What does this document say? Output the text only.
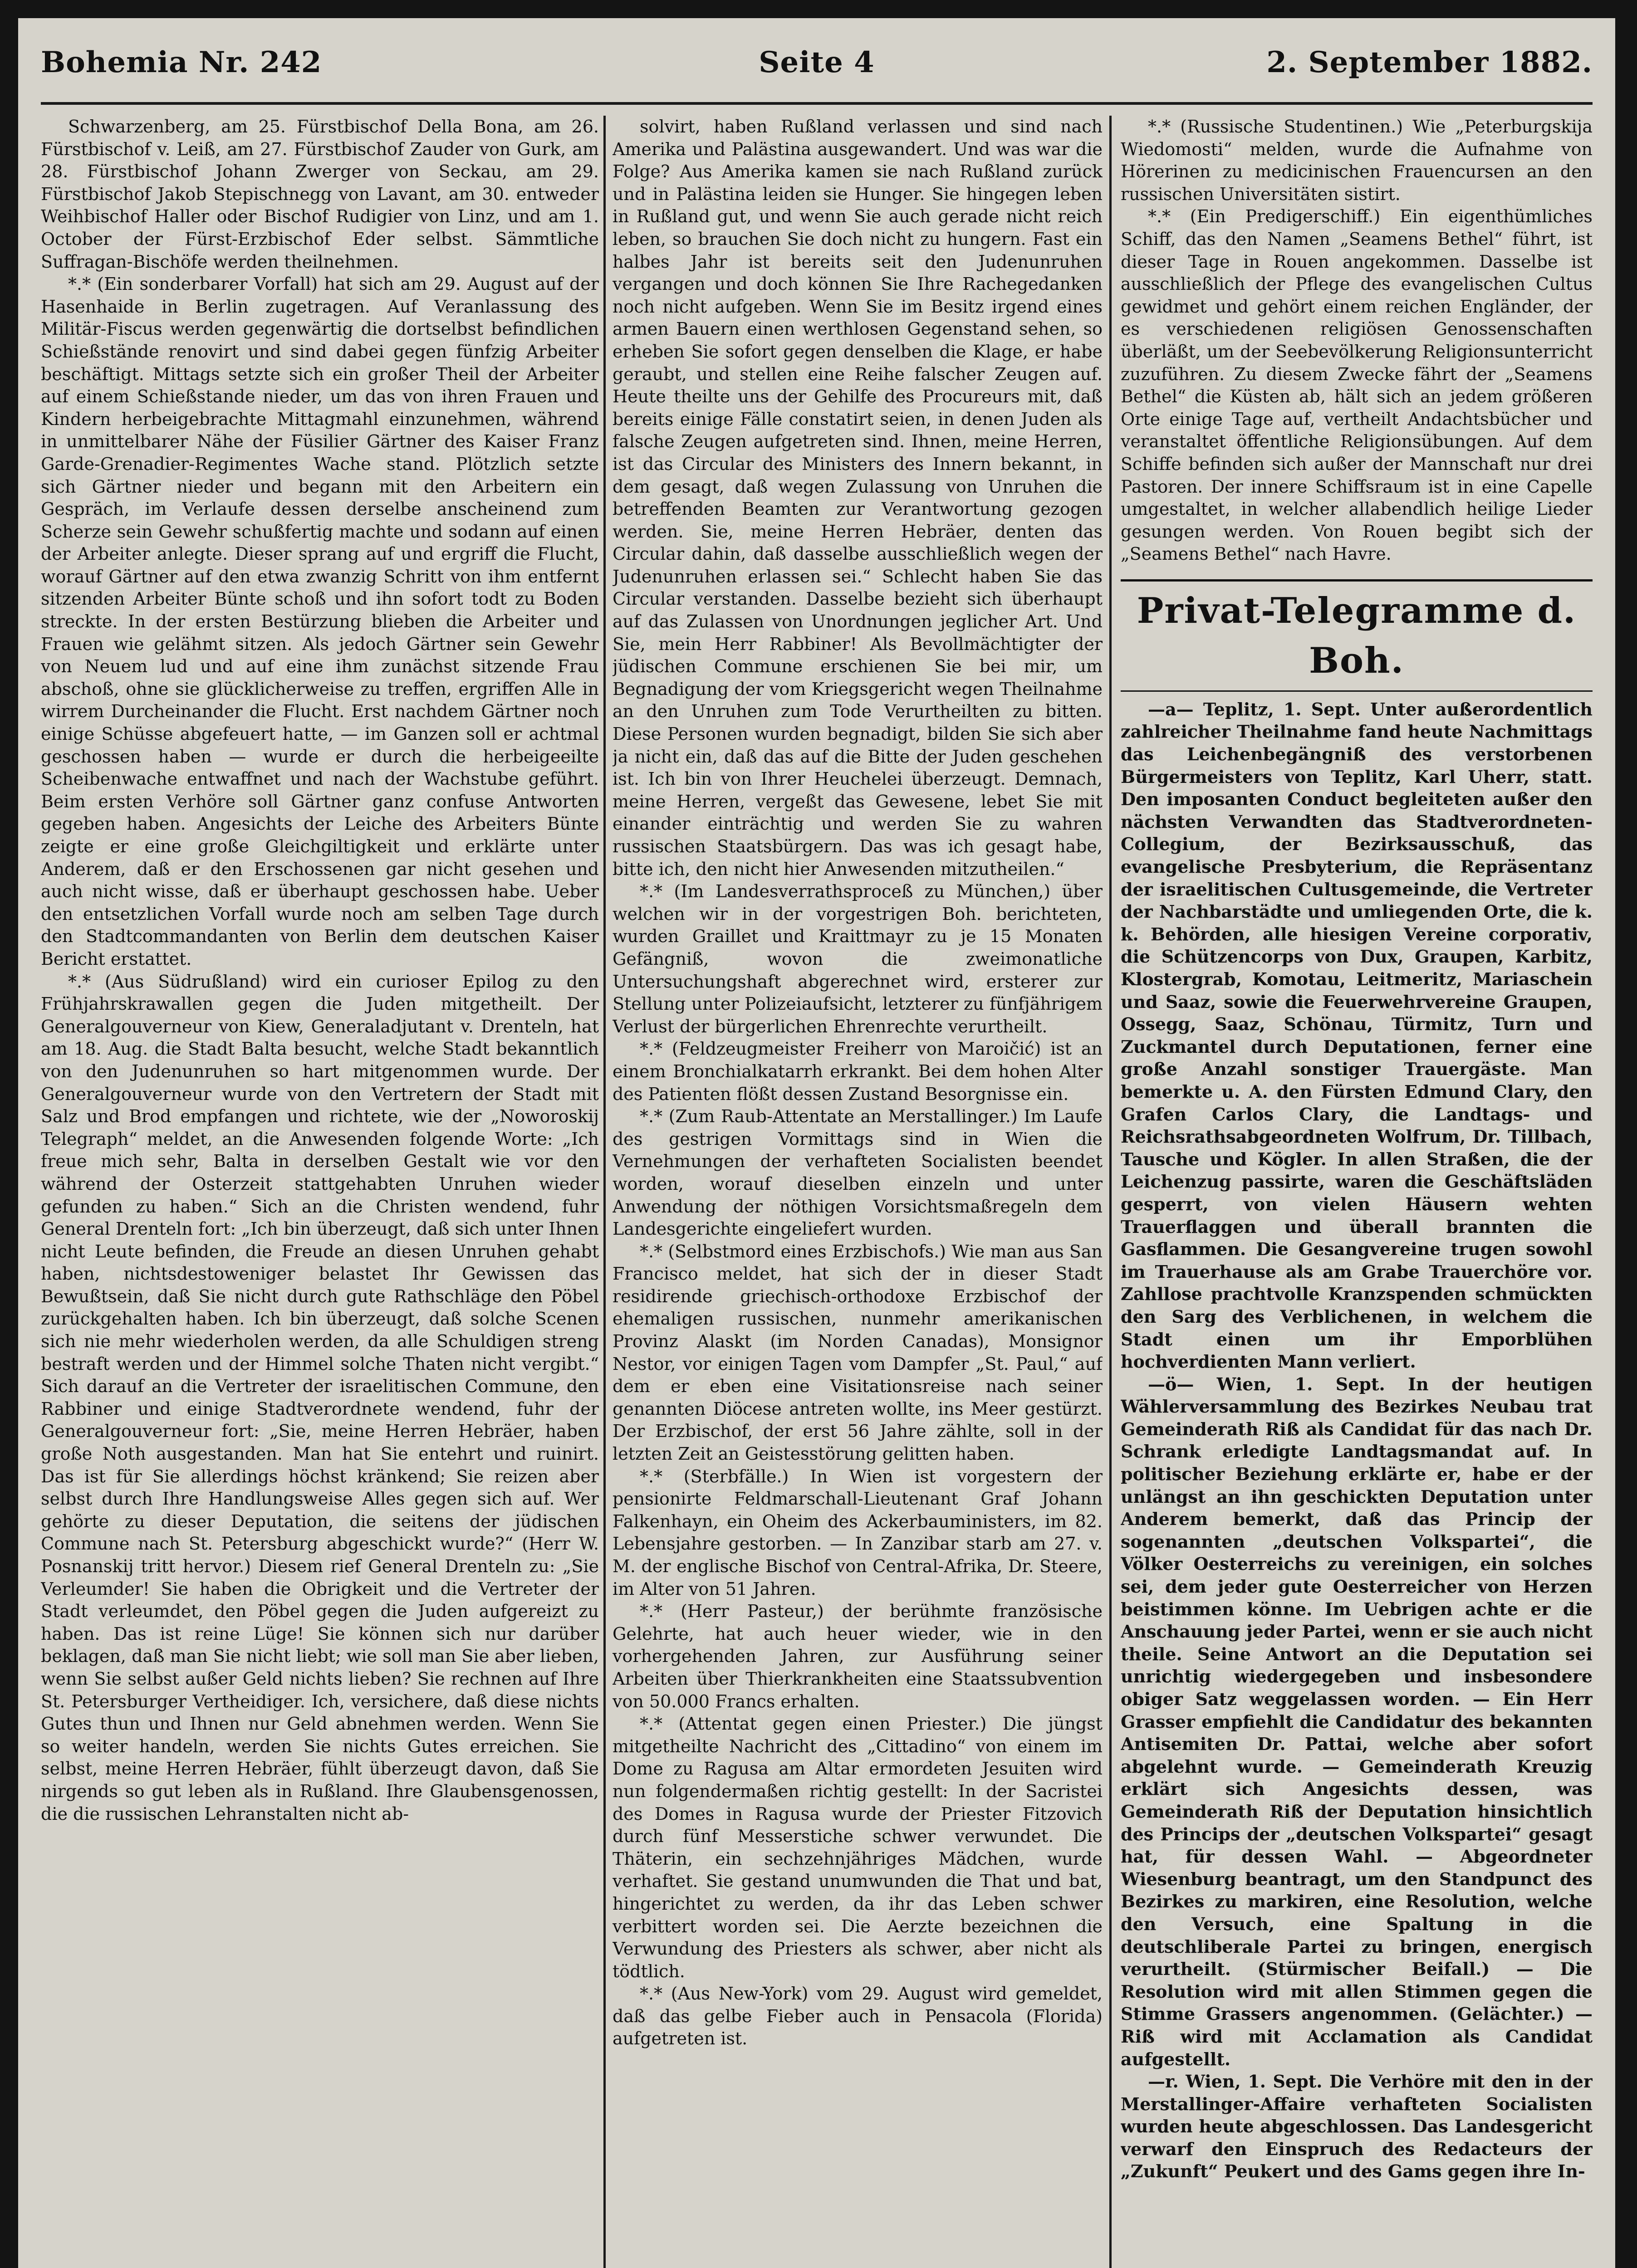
Seite 4
Bohemia Nr. 242	2. September 1882.

Schwarzenberg, am 25. Fürstbischof Della Bona, am 26. Fürstbischof v. Leiß, am 27. Fürstbischof Zauder von Gurk, am 28. Fürstbischof Johann Zwerger von Seckau, am 29. Fürstbischof Jakob Stepischnegg von Lavant, am 30. entweder Weihbischof Haller oder Bischof Rudigier von Linz, und am 1. October der Fürst-Erzbischof Eder selbst. Sämmtliche Suffragan-Bischöfe werden theilnehmen.

*.* (Ein sonderbarer Vorfall) hat sich am 29. August auf der Hasenhaide in Berlin zugetragen. Auf Veranlassung des Militär-Fiscus werden gegenwärtig die dortselbst befindlichen Schießstände renovirt und sind dabei gegen fünfzig Arbeiter beschäftigt. Mittags setzte sich ein großer Theil der Arbeiter auf einem Schießstande nieder, um das von ihren Frauen und Kindern herbeigebrachte Mittagmahl einzunehmen, während in unmittelbarer Nähe der Füsilier Gärtner des Kaiser Franz Garde-Grenadier-Regimentes Wache stand. Plötzlich setzte sich Gärtner nieder und begann mit den Arbeitern ein Gespräch, im Verlaufe dessen derselbe anscheinend zum Scherze sein Gewehr schußfertig machte und sodann auf einen der Arbeiter anlegte. Dieser sprang auf und ergriff die Flucht, worauf Gärtner auf den etwa zwanzig Schritt von ihm entfernt sitzenden Arbeiter Bünte schoß und ihn sofort todt zu Boden streckte. In der ersten Bestürzung blieben die Arbeiter und Frauen wie gelähmt sitzen. Als jedoch Gärtner sein Gewehr von Neuem lud und auf eine ihm zunächst sitzende Frau abschoß, ohne sie glücklicherweise zu treffen, ergriffen Alle in wirrem Durcheinander die Flucht. Erst nachdem Gärtner noch einige Schüsse abgefeuert hatte, — im Ganzen soll er achtmal geschossen haben — wurde er durch die herbeigeeilte Scheibenwache entwaffnet und nach der Wachstube geführt. Beim ersten Verhöre soll Gärtner ganz confuse Antworten gegeben haben. Angesichts der Leiche des Arbeiters Bünte zeigte er eine große Gleichgiltigkeit und erklärte unter Anderem, daß er den Erschossenen gar nicht gesehen und auch nicht wisse, daß er überhaupt geschossen habe. Ueber den entsetzlichen Vorfall wurde noch am selben Tage durch den Stadtcommandanten von Berlin dem deutschen Kaiser Bericht erstattet.

*.* (Aus Südrußland) wird ein curioser Epilog zu den Frühjahrskrawallen gegen die Juden mitgetheilt. Der Generalgouverneur von Kiew, Generaladjutant v. Drenteln, hat am 18. Aug. die Stadt Balta besucht, welche Stadt bekanntlich von den Judenunruhen so hart mitgenommen wurde. Der Generalgouverneur wurde von den Vertretern der Stadt mit Salz und Brod empfangen und richtete, wie der „Noworoskij Telegraph“ meldet, an die Anwesenden folgende Worte: „Ich freue mich sehr, Balta in derselben Gestalt wie vor den während der Osterzeit stattgehabten Unruhen wieder gefunden zu haben.“ Sich an die Christen wendend, fuhr General Drenteln fort: „Ich bin überzeugt, daß sich unter Ihnen nicht Leute befinden, die Freude an diesen Unruhen gehabt haben, nichtsdestoweniger belastet Ihr Gewissen das Bewußtsein, daß Sie nicht durch gute Rathschläge den Pöbel zurückgehalten haben. Ich bin überzeugt, daß solche Scenen sich nie mehr wiederholen werden, da alle Schuldigen streng bestraft werden und der Himmel solche Thaten nicht vergibt.“ Sich darauf an die Vertreter der israelitischen Commune, den Rabbiner und einige Stadtverordnete wendend, fuhr der Generalgouverneur fort: „Sie, meine Herren Hebräer, haben große Noth ausgestanden. Man hat Sie entehrt und ruinirt. Das ist für Sie allerdings höchst kränkend; Sie reizen aber selbst durch Ihre Handlungsweise Alles gegen sich auf. Wer gehörte zu dieser Deputation, die seitens der jüdischen Commune nach St. Petersburg abgeschickt wurde?“ (Herr W. Posnanskij tritt hervor.) Diesem rief General Drenteln zu: „Sie Verleumder! Sie haben die Obrigkeit und die Vertreter der Stadt verleumdet, den Pöbel gegen die Juden aufgereizt zu haben. Das ist reine Lüge! Sie können sich nur darüber beklagen, daß man Sie nicht liebt; wie soll man Sie aber lieben, wenn Sie selbst außer Geld nichts lieben? Sie rechnen auf Ihre St. Petersburger Vertheidiger. Ich, versichere, daß diese nichts Gutes thun und Ihnen nur Geld abnehmen werden. Wenn Sie so weiter handeln, werden Sie nichts Gutes erreichen. Sie selbst, meine Herren Hebräer, fühlt überzeugt davon, daß Sie nirgends so gut leben als in Rußland. Ihre Glaubensgenossen, die die russischen Lehranstalten nicht ab-

solvirt, haben Rußland verlassen und sind nach Amerika und Palästina ausgewandert. Und was war die Folge? Aus Amerika kamen sie nach Rußland zurück und in Palästina leiden sie Hunger. Sie hingegen leben in Rußland gut, und wenn Sie auch gerade nicht reich leben, so brauchen Sie doch nicht zu hungern. Fast ein halbes Jahr ist bereits seit den Judenunruhen vergangen und doch können Sie Ihre Rachegedanken noch nicht aufgeben. Wenn Sie im Besitz irgend eines armen Bauern einen werthlosen Gegenstand sehen, so erheben Sie sofort gegen denselben die Klage, er habe geraubt, und stellen eine Reihe falscher Zeugen auf. Heute theilte uns der Gehilfe des Procureurs mit, daß bereits einige Fälle constatirt seien, in denen Juden als falsche Zeugen aufgetreten sind. Ihnen, meine Herren, ist das Circular des Ministers des Innern bekannt, in dem gesagt, daß wegen Zulassung von Unruhen die betreffenden Beamten zur Verantwortung gezogen werden. Sie, meine Herren Hebräer, denten das Circular dahin, daß dasselbe ausschließlich wegen der Judenunruhen erlassen sei.“ Schlecht haben Sie das Circular verstanden. Dasselbe bezieht sich überhaupt auf das Zulassen von Unordnungen jeglicher Art. Und Sie, mein Herr Rabbiner! Als Bevollmächtigter der jüdischen Commune erschienen Sie bei mir, um Begnadigung der vom Kriegsgericht wegen Theilnahme an den Unruhen zum Tode Verurtheilten zu bitten. Diese Personen wurden begnadigt, bilden Sie sich aber ja nicht ein, daß das auf die Bitte der Juden geschehen ist. Ich bin von Ihrer Heuchelei überzeugt. Demnach, meine Herren, vergeßt das Gewesene, lebet Sie mit einander einträchtig und werden Sie zu wahren russischen Staatsbürgern. Das was ich gesagt habe, bitte ich, den nicht hier Anwesenden mitzutheilen.“

*.* (Im Landesverrathsproceß zu München,) über welchen wir in der vorgestrigen Boh. berichteten, wurden Graillet und Kraittmayr zu je 15 Monaten Gefängniß, wovon die zweimonatliche Untersuchungshaft abgerechnet wird, ersterer zur Stellung unter Polizeiaufsicht, letzterer zu fünfjährigem Verlust der bürgerlichen Ehrenrechte verurtheilt.

*.* (Feldzeugmeister Freiherr von Maroičić) ist an einem Bronchialkatarrh erkrankt. Bei dem hohen Alter des Patienten flößt dessen Zustand Besorgnisse ein.

*.* (Zum Raub-Attentate an Merstallinger.) Im Laufe des gestrigen Vormittags sind in Wien die Vernehmungen der verhafteten Socialisten beendet worden, worauf dieselben einzeln und unter Anwendung der nöthigen Vorsichtsmaßregeln dem Landesgerichte eingeliefert wurden.

*.* (Selbstmord eines Erzbischofs.) Wie man aus San Francisco meldet, hat sich der in dieser Stadt residirende griechisch-orthodoxe Erzbischof der ehemaligen russischen, nunmehr amerikanischen Provinz Alaskt (im Norden Canadas), Monsignor Nestor, vor einigen Tagen vom Dampfer „St. Paul,“ auf dem er eben eine Visitationsreise nach seiner genannten Diöcese antreten wollte, ins Meer gestürzt. Der Erzbischof, der erst 56 Jahre zählte, soll in der letzten Zeit an Geistesstörung gelitten haben.

*.* (Sterbfälle.) In Wien ist vorgestern der pensionirte Feldmarschall-Lieutenant Graf Johann Falkenhayn, ein Oheim des Ackerbauministers, im 82. Lebensjahre gestorben. — In Zanzibar starb am 27. v. M. der englische Bischof von Central-Afrika, Dr. Steere, im Alter von 51 Jahren.

*.* (Herr Pasteur,) der berühmte französische Gelehrte, hat auch heuer wieder, wie in den vorhergehenden Jahren, zur Ausführung seiner Arbeiten über Thierkrankheiten eine Staatssubvention von 50.000 Francs erhalten.

*.* (Attentat gegen einen Priester.) Die jüngst mitgetheilte Nachricht des „Cittadino“ von einem im Dome zu Ragusa am Altar ermordeten Jesuiten wird nun folgendermaßen richtig gestellt: In der Sacristei des Domes in Ragusa wurde der Priester Fitzovich durch fünf Messerstiche schwer verwundet. Die Thäterin, ein sechzehnjähriges Mädchen, wurde verhaftet. Sie gestand unumwunden die That und bat, hingerichtet zu werden, da ihr das Leben schwer verbittert worden sei. Die Aerzte bezeichnen die Verwundung des Priesters als schwer, aber nicht als tödtlich.

*.* (Aus New-York) vom 29. August wird gemeldet, daß das gelbe Fieber auch in Pensacola (Florida) aufgetreten ist.

*.* (Russische Studentinen.) Wie „Peterburgskija Wiedomosti“ melden, wurde die Aufnahme von Hörerinen zu medicinischen Frauencursen an den russischen Universitäten sistirt.

*.* (Ein Predigerschiff.) Ein eigenthümliches Schiff, das den Namen „Seamens Bethel“ führt, ist dieser Tage in Rouen angekommen. Dasselbe ist ausschließlich der Pflege des evangelischen Cultus gewidmet und gehört einem reichen Engländer, der es verschiedenen religiösen Genossenschaften überläßt, um der Seebevölkerung Religionsunterricht zuzuführen. Zu diesem Zwecke fährt der „Seamens Bethel“ die Küsten ab, hält sich an jedem größeren Orte einige Tage auf, vertheilt Andachtsbücher und veranstaltet öffentliche Religionsübungen. Auf dem Schiffe befinden sich außer der Mannschaft nur drei Pastoren. Der innere Schiffsraum ist in eine Capelle umgestaltet, in welcher allabendlich heilige Lieder gesungen werden. Von Rouen begibt sich der „Seamens Bethel“ nach Havre.

Privat-Telegramme d. Boh.

—a— Teplitz, 1. Sept. Unter außerordentlich zahlreicher Theilnahme fand heute Nachmittags das Leichenbegängniß des verstorbenen Bürgermeisters von Teplitz, Karl Uherr, statt. Den imposanten Conduct begleiteten außer den nächsten Verwandten das Stadtverordneten-Collegium, der Bezirksausschuß, das evangelische Presbyterium, die Repräsentanz der israelitischen Cultusgemeinde, die Vertreter der Nachbarstädte und umliegenden Orte, die k. k. Behörden, alle hiesigen Vereine corporativ, die Schützencorps von Dux, Graupen, Karbitz, Klostergrab, Komotau, Leitmeritz, Mariaschein und Saaz, sowie die Feuerwehrvereine Graupen, Ossegg, Saaz, Schönau, Türmitz, Turn und Zuckmantel durch Deputationen, ferner eine große Anzahl sonstiger Trauergäste. Man bemerkte u. A. den Fürsten Edmund Clary, den Grafen Carlos Clary, die Landtags- und Reichsrathsabgeordneten Wolfrum, Dr. Tillbach, Tausche und Kögler. In allen Straßen, die der Leichenzug passirte, waren die Geschäftsläden gesperrt, von vielen Häusern wehten Trauerflaggen und überall brannten die Gasflammen. Die Gesangvereine trugen sowohl im Trauerhause als am Grabe Trauerchöre vor. Zahllose prachtvolle Kranzspenden schmückten den Sarg des Verblichenen, in welchem die Stadt einen um ihr Emporblühen hochverdienten Mann verliert.

—ö— Wien, 1. Sept. In der heutigen Wählerversammlung des Bezirkes Neubau trat Gemeinderath Riß als Candidat für das nach Dr. Schrank erledigte Landtagsmandat auf. In politischer Beziehung erklärte er, habe er der unlängst an ihn geschickten Deputation unter Anderem bemerkt, daß das Princip der sogenannten „deutschen Volkspartei“, die Völker Oesterreichs zu vereinigen, ein solches sei, dem jeder gute Oesterreicher von Herzen beistimmen könne. Im Uebrigen achte er die Anschauung jeder Partei, wenn er sie auch nicht theile. Seine Antwort an die Deputation sei unrichtig wiedergegeben und insbesondere obiger Satz weggelassen worden. — Ein Herr Grasser empfiehlt die Candidatur des bekannten Antisemiten Dr. Pattai, welche aber sofort abgelehnt wurde. — Gemeinderath Kreuzig erklärt sich Angesichts dessen, was Gemeinderath Riß der Deputation hinsichtlich des Princips der „deutschen Volkspartei“ gesagt hat, für dessen Wahl. — Abgeordneter Wiesenburg beantragt, um den Standpunct des Bezirkes zu markiren, eine Resolution, welche den Versuch, eine Spaltung in die deutschliberale Partei zu bringen, energisch verurtheilt. (Stürmischer Beifall.) — Die Resolution wird mit allen Stimmen gegen die Stimme Grassers angenommen. (Gelächter.) — Riß wird mit Acclamation als Candidat aufgestellt.

—r. Wien, 1. Sept. Die Verhöre mit den in der Merstallinger-Affaire verhafteten Socialisten wurden heute abgeschlossen. Das Landesgericht verwarf den Einspruch des Redacteurs der „Zukunft“ Peukert und des Gams gegen ihre In-
